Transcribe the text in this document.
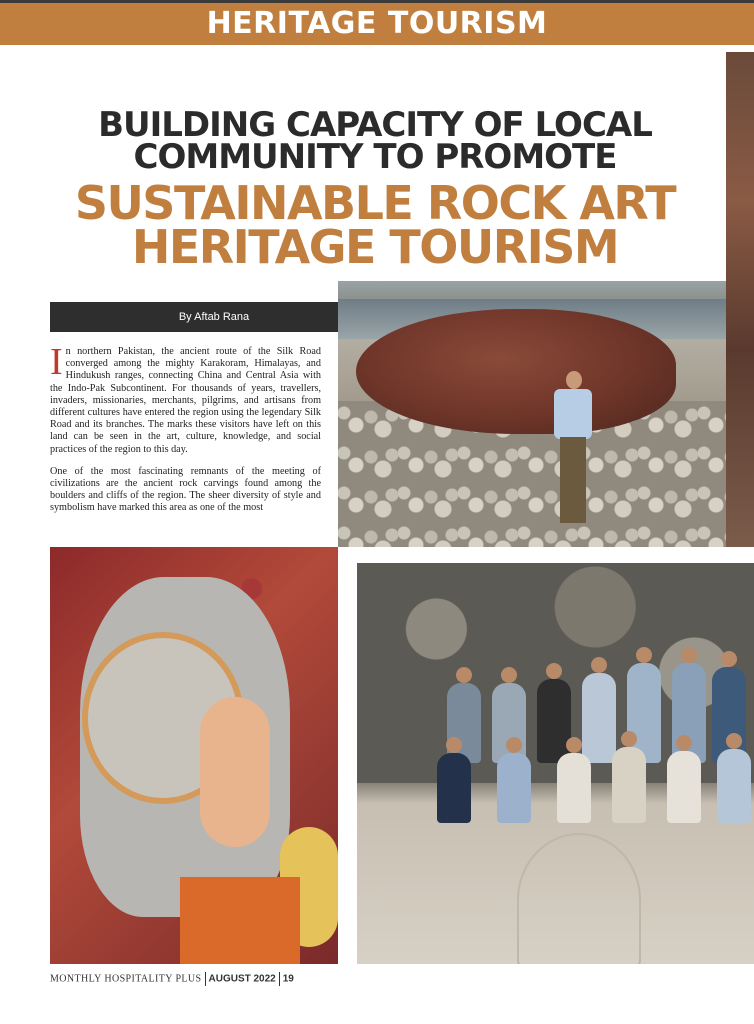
HERITAGE TOURISM
BUILDING CAPACITY OF LOCAL
COMMUNITY TO PROMOTE
SUSTAINABLE ROCK ART
HERITAGE TOURISM
By Aftab Rana

In northern Pakistan, the ancient route of the Silk Road converged among the mighty Karakoram, Himalayas, and Hindukush ranges, connecting China and Central Asia with the Indo-Pak Subcontinent. For thousands of years, travellers, invaders, missionaries, merchants, pilgrims, and artisans from different cultures have entered the region using the legendary Silk Road and its branches. The marks these visitors have left on this land can be seen in the art, culture, knowledge, and social practices of the region to this day.

One of the most fascinating remnants of the meeting of civilizations are the ancient rock carvings found among the boulders and cliffs of the region. The sheer diversity of style and symbolism have marked this area as one of the most

MONTHLY HOSPITALITY PLUS AUGUST 2022 19
